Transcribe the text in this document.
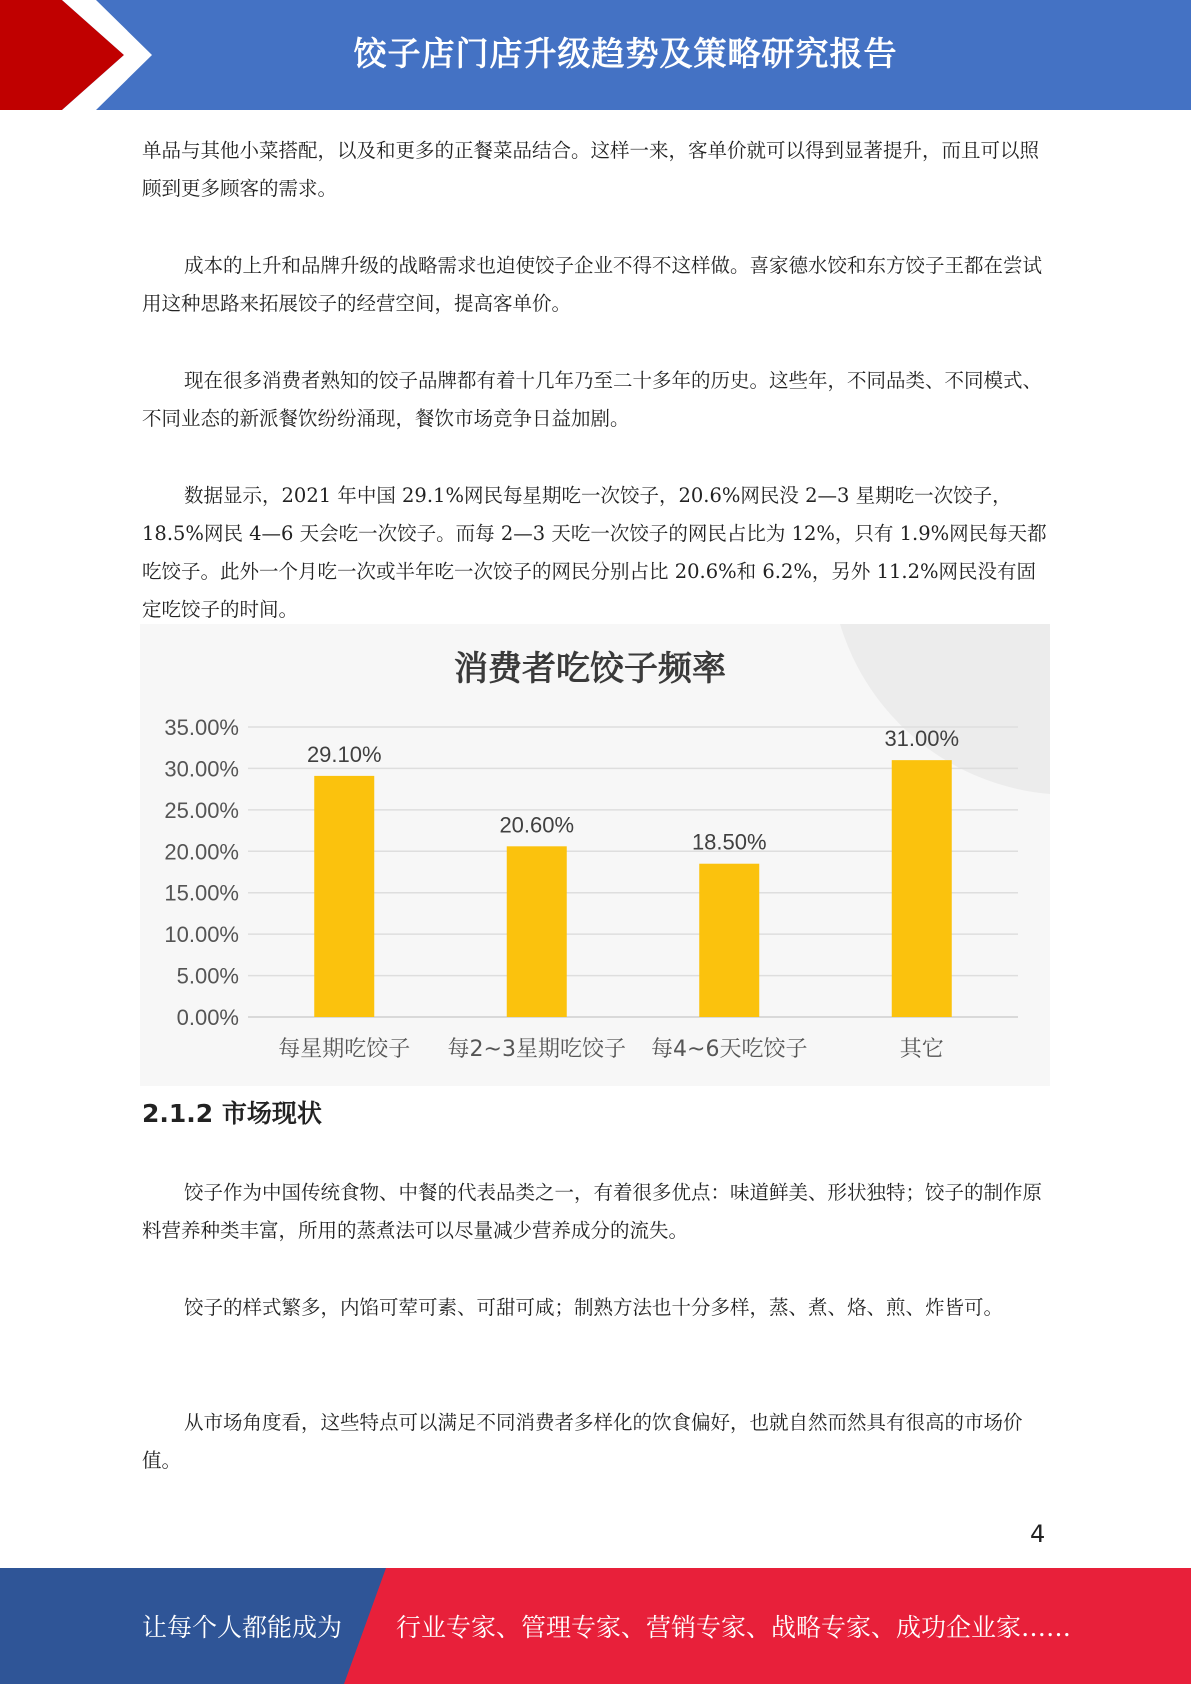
饺子店门店升级趋势及策略研究报告

单品与其他小菜搭配，以及和更多的正餐菜品结合。这样一来，客单价就可以得到显著提升，而且可以照顾到更多顾客的需求。

成本的上升和品牌升级的战略需求也迫使饺子企业不得不这样做。喜家德水饺和东方饺子王都在尝试用这种思路来拓展饺子的经营空间，提高客单价。

现在很多消费者熟知的饺子品牌都有着十几年乃至二十多年的历史。这些年，不同品类、不同模式、不同业态的新派餐饮纷纷涌现，餐饮市场竞争日益加剧。

数据显示，2021 年中国 29.1%网民每星期吃一次饺子，20.6%网民没 2—3 星期吃一次饺子，18.5%网民 4—6 天会吃一次饺子。而每 2—3 天吃一次饺子的网民占比为 12%，只有 1.9%网民每天都吃饺子。此外一个月吃一次或半年吃一次饺子的网民分别占比 20.6%和 6.2%，另外 11.2%网民没有固定吃饺子的时间。

消费者吃饺子频率
0.00%
5.00%
10.00%
15.00%
20.00%
25.00%
30.00%
35.00%
29.10%
20.60%
18.50%
31.00%
每星期吃饺子 每2~3星期吃饺子 每4~6天吃饺子	其它
2.1.2 市场现状

饺子作为中国传统食物、中餐的代表品类之一，有着很多优点：味道鲜美、形状独特；饺子的制作原料营养种类丰富，所用的蒸煮法可以尽量减少营养成分的流失。

饺子的样式繁多，内馅可荤可素、可甜可咸；制熟方法也十分多样，蒸、煮、烙、煎、炸皆可。

从市场角度看，这些特点可以满足不同消费者多样化的饮食偏好，也就自然而然具有很高的市场价值。

4
让每个人都能成为 行业专家、管理专家、营销专家、战略专家、成功企业家……
